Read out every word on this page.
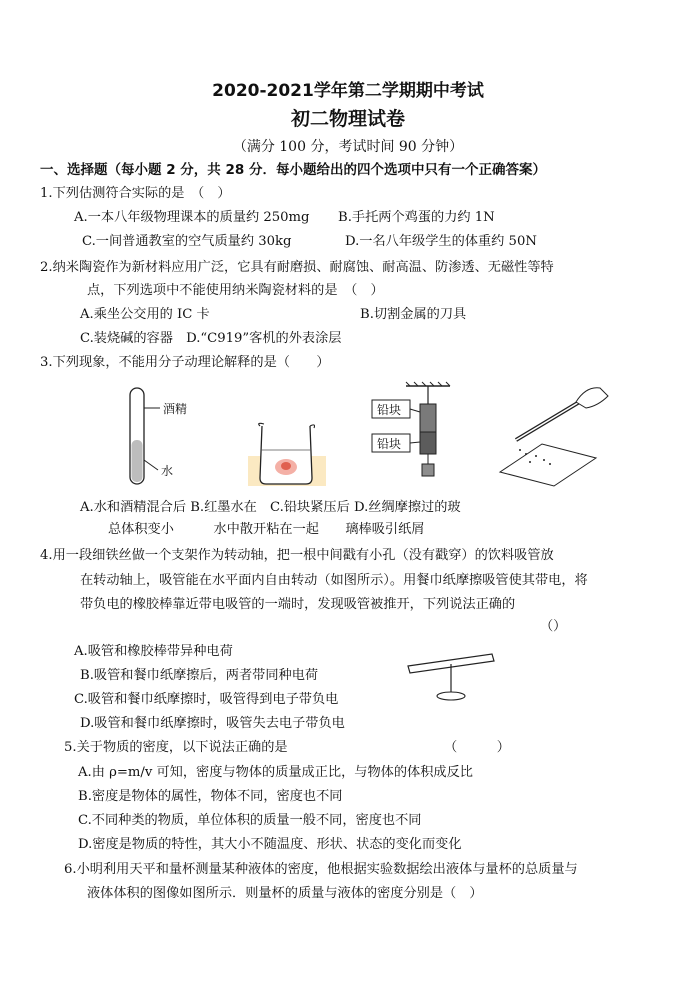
2020-2021学年第二学期期中考试
初二物理试卷
（满分 100 分，考试时间 90 分钟）
一、选择题（每小题 2 分，共 28 分．每小题给出的四个选项中只有一个正确答案）
1.下列估测符合实际的是　（　）
A.一本八年级物理课本的质量约 250mg B.手托两个鸡蛋的力约 1N
C.一间普通教室的空气质量约 30kg	D.一名八年级学生的体重约 50N
2.纳米陶瓷作为新材料应用广泛，它具有耐磨损、耐腐蚀、耐高温、防渗透、无磁性等特
点，下列选项中不能使用纳米陶瓷材料的是　（　）
A.乘坐公交用的 IC 卡	B.切割金属的刀具
C.装烧碱的容器　D.“C919”客机的外表涂层
3.下列现象，不能用分子动理论解释的是（　　）
酒精
水
铅块
铅块
A.水和酒精混合后 B.红墨水在　C.铅块紧压后 D.丝绸摩擦过的玻
总体积变小　　　水中散开粘在一起　　璃棒吸引纸屑
4.用一段细铁丝做一个支架作为转动轴，把一根中间戳有小孔（没有戳穿）的饮料吸管放
在转动轴上，吸管能在水平面内自由转动（如图所示）。用餐巾纸摩擦吸管使其带电，将
带负电的橡胶棒靠近带电吸管的一端时，发现吸管被推开，下列说法正确的
（）
A.吸管和橡胶棒带异种电荷
B.吸管和餐巾纸摩擦后，两者带同种电荷
C.吸管和餐巾纸摩擦时，吸管得到电子带负电
D.吸管和餐巾纸摩擦时，吸管失去电子带负电
5.关于物质的密度，以下说法正确的是	（　　　）
A.由 ρ=m/v 可知，密度与物体的质量成正比，与物体的体积成反比
B.密度是物体的属性，物体不同，密度也不同
C.不同种类的物质，单位体积的质量一般不同，密度也不同
D.密度是物质的特性，其大小不随温度、形状、状态的变化而变化
6.小明利用天平和量杯测量某种液体的密度，他根据实验数据绘出液体与量杯的总质量与
液体体积的图像如图所示．则量杯的质量与液体的密度分别是（　）
